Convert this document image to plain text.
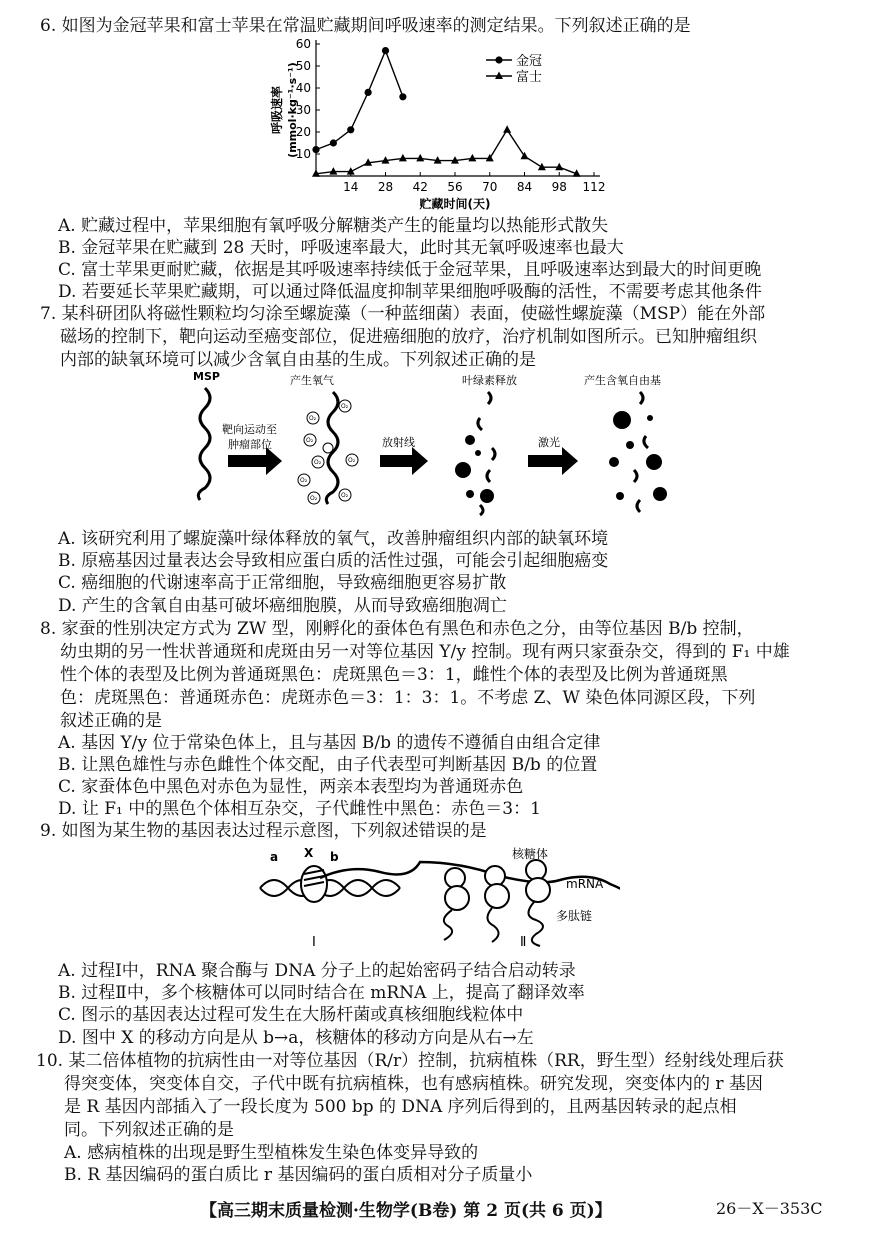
6. 如图为金冠苹果和富士苹果在常温贮藏期间呼吸速率的测定结果。下列叙述正确的是
10
20
30
40
50
60
14 28 42 56 70 84 98 112
贮藏时间(天)
呼吸速率 (mmol·kg⁻¹·s⁻¹)
金冠
富士
A. 贮藏过程中，苹果细胞有氧呼吸分解糖类产生的能量均以热能形式散失
B. 金冠苹果在贮藏到 28 天时，呼吸速率最大，此时其无氧呼吸速率也最大
C. 富士苹果更耐贮藏，依据是其呼吸速率持续低于金冠苹果，且呼吸速率达到最大的时间更晚
D. 若要延长苹果贮藏期，可以通过降低温度抑制苹果细胞呼吸酶的活性，不需要考虑其他条件
7. 某科研团队将磁性颗粒均匀涂至螺旋藻（一种蓝细菌）表面，使磁性螺旋藻（MSP）能在外部
磁场的控制下，靶向运动至癌变部位，促进癌细胞的放疗，治疗机制如图所示。已知肿瘤组织
内部的缺氧环境可以减少含氧自由基的生成。下列叙述正确的是
MSP
靶向运动至
肿瘤部位
产生氧气
O₂
O₂
O₂
O₂	O₂
O₂
O₂	O₂
放射线
叶绿素释放
激光
产生含氧自由基
A. 该研究利用了螺旋藻叶绿体释放的氧气，改善肿瘤组织内部的缺氧环境
B. 原癌基因过量表达会导致相应蛋白质的活性过强，可能会引起细胞癌变
C. 癌细胞的代谢速率高于正常细胞，导致癌细胞更容易扩散
D. 产生的含氧自由基可破坏癌细胞膜，从而导致癌细胞凋亡
8. 家蚕的性别决定方式为 ZW 型，刚孵化的蚕体色有黑色和赤色之分，由等位基因 B/b 控制，
幼虫期的另一性状普通斑和虎斑由另一对等位基因 Y/y 控制。现有两只家蚕杂交，得到的 F₁ 中雄
性个体的表型及比例为普通斑黑色：虎斑黑色＝3：1，雌性个体的表型及比例为普通斑黑
色：虎斑黑色：普通斑赤色：虎斑赤色＝3：1：3：1。不考虑 Z、W 染色体同源区段，下列
叙述正确的是
A. 基因 Y/y 位于常染色体上，且与基因 B/b 的遗传不遵循自由组合定律
B. 让黑色雄性与赤色雌性个体交配，由子代表型可判断基因 B/b 的位置
C. 家蚕体色中黑色对赤色为显性，两亲本表型均为普通斑赤色
D. 让 F₁ 中的黑色个体相互杂交，子代雌性中黑色：赤色＝3：1
9. 如图为某生物的基因表达过程示意图，下列叙述错误的是
a X b	核糖体
mRNA
多肽链
Ⅰ	Ⅱ
A. 过程Ⅰ中，RNA 聚合酶与 DNA 分子上的起始密码子结合启动转录
B. 过程Ⅱ中，多个核糖体可以同时结合在 mRNA 上，提高了翻译效率
C. 图示的基因表达过程可发生在大肠杆菌或真核细胞线粒体中
D. 图中 X 的移动方向是从 b→a，核糖体的移动方向是从右→左
10. 某二倍体植物的抗病性由一对等位基因（R/r）控制，抗病植株（RR，野生型）经射线处理后获
得突变体，突变体自交，子代中既有抗病植株，也有感病植株。研究发现，突变体内的 r 基因
是 R 基因内部插入了一段长度为 500 bp 的 DNA 序列后得到的，且两基因转录的起点相
同。下列叙述正确的是
A. 感病植株的出现是野生型植株发生染色体变异导致的
B. R 基因编码的蛋白质比 r 基因编码的蛋白质相对分子质量小
【高三期末质量检测·生物学(B卷) 第 2 页(共 6 页)】	26－X－353C
